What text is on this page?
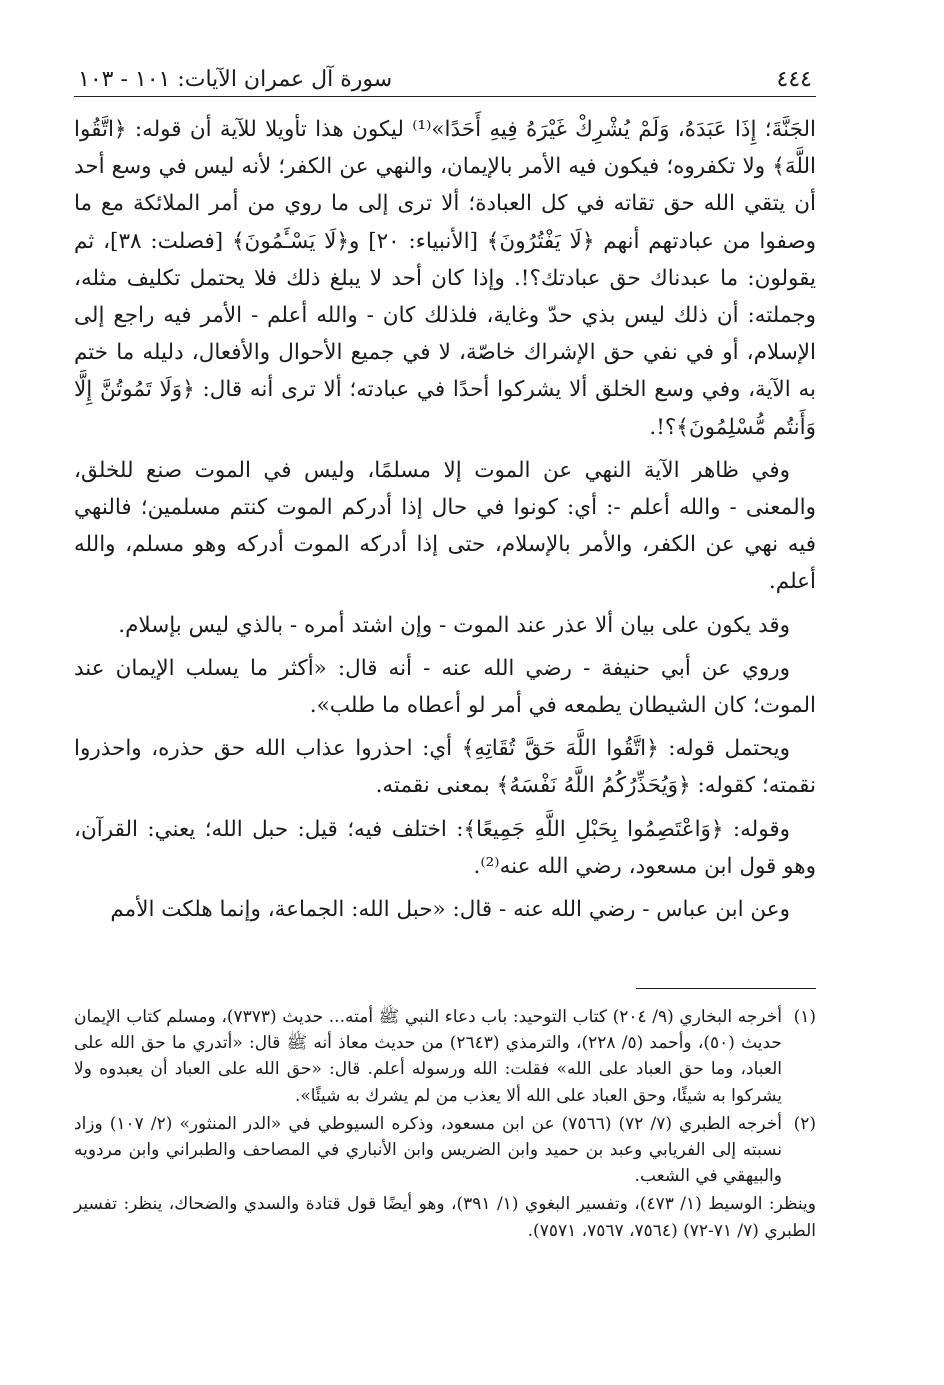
٤٤٤
سورة آل عمران الآيات: ١٠١ - ١٠٣

الجَنَّةَ؛ إِذَا عَبَدَهُ، وَلَمْ يُشْرِكْ غَيْرَهُ فِيهِ أَحَدًا»⁽¹⁾ ليكون هذا تأويلا للآية أن قوله: ﴿اتَّقُوا اللَّهَ﴾ ولا تكفروه؛ فيكون فيه الأمر بالإيمان، والنهي عن الكفر؛ لأنه ليس في وسع أحد أن يتقي الله حق تقاته في كل العبادة؛ ألا ترى إلى ما روي من أمر الملائكة مع ما وصفوا من عبادتهم أنهم ﴿لَا يَفْتُرُونَ﴾ [الأنبياء: ٢٠] و﴿لَا يَسْـَٔمُونَ﴾ [فصلت: ٣٨]، ثم يقولون: ما عبدناك حق عبادتك؟!. وإذا كان أحد لا يبلغ ذلك فلا يحتمل تكليف مثله، وجملته: أن ذلك ليس بذي حدّ وغاية، فلذلك كان - والله أعلم - الأمر فيه راجع إلى الإسلام، أو في نفي حق الإشراك خاصّة، لا في جميع الأحوال والأفعال، دليله ما ختم به الآية، وفي وسع الخلق ألا يشركوا أحدًا في عبادته؛ ألا ترى أنه قال: ﴿وَلَا تَمُوتُنَّ إِلَّا وَأَنتُم مُّسْلِمُونَ﴾؟!.

وفي ظاهر الآية النهي عن الموت إلا مسلمًا، وليس في الموت صنع للخلق، والمعنى - والله أعلم -: أي: كونوا في حال إذا أدركم الموت كنتم مسلمين؛ فالنهي فيه نهي عن الكفر، والأمر بالإسلام، حتى إذا أدركه الموت أدركه وهو مسلم، والله أعلم.

وقد يكون على بيان ألا عذر عند الموت - وإن اشتد أمره - بالذي ليس بإسلام.

وروي عن أبي حنيفة - رضي الله عنه - أنه قال: «أكثر ما يسلب الإيمان عند الموت؛ كان الشيطان يطمعه في أمر لو أعطاه ما طلب».

ويحتمل قوله: ﴿اتَّقُوا اللَّهَ حَقَّ تُقَاتِهِ﴾ أي: احذروا عذاب الله حق حذره، واحذروا نقمته؛ كقوله: ﴿وَيُحَذِّرُكُمُ اللَّهُ نَفْسَهُ﴾ بمعنى نقمته.

وقوله: ﴿وَاعْتَصِمُوا بِحَبْلِ اللَّهِ جَمِيعًا﴾: اختلف فيه؛ قيل: حبل الله؛ يعني: القرآن، وهو قول ابن مسعود، رضي الله عنه⁽²⁾.

وعن ابن عباس - رضي الله عنه - قال: «حبل الله: الجماعة، وإنما هلكت الأمم

(١)
أخرجه البخاري (٩/ ٢٠٤) كتاب التوحيد: باب دعاء النبي ﷺ أمته... حديث (٧٣٧٣)، ومسلم كتاب الإيمان حديث (٥٠)، وأحمد (٥/ ٢٢٨)، والترمذي (٢٦٤٣) من حديث معاذ أنه ﷺ قال: «أتدري ما حق الله على العباد، وما حق العباد على الله» فقلت: الله ورسوله أعلم. قال: «حق الله على العباد أن يعبدوه ولا يشركوا به شيئًا، وحق العباد على الله ألا يعذب من لم يشرك به شيئًا».
(٢)
أخرجه الطبري (٧/ ٧٢) (٧٥٦٦) عن ابن مسعود، وذكره السيوطي في «الدر المنثور» (٢/ ١٠٧) وزاد نسبته إلى الفريابي وعبد بن حميد وابن الضريس وابن الأنباري في المصاحف والطبراني وابن مردويه والبيهقي في الشعب.
وينظر: الوسيط (١/ ٤٧٣)، وتفسير البغوي (١/ ٣٩١)، وهو أيضًا قول قتادة والسدي والضحاك، ينظر: تفسير الطبري (٧/ ٧١-٧٢) (٧٥٦٤، ٧٥٦٧، ٧٥٧١).
